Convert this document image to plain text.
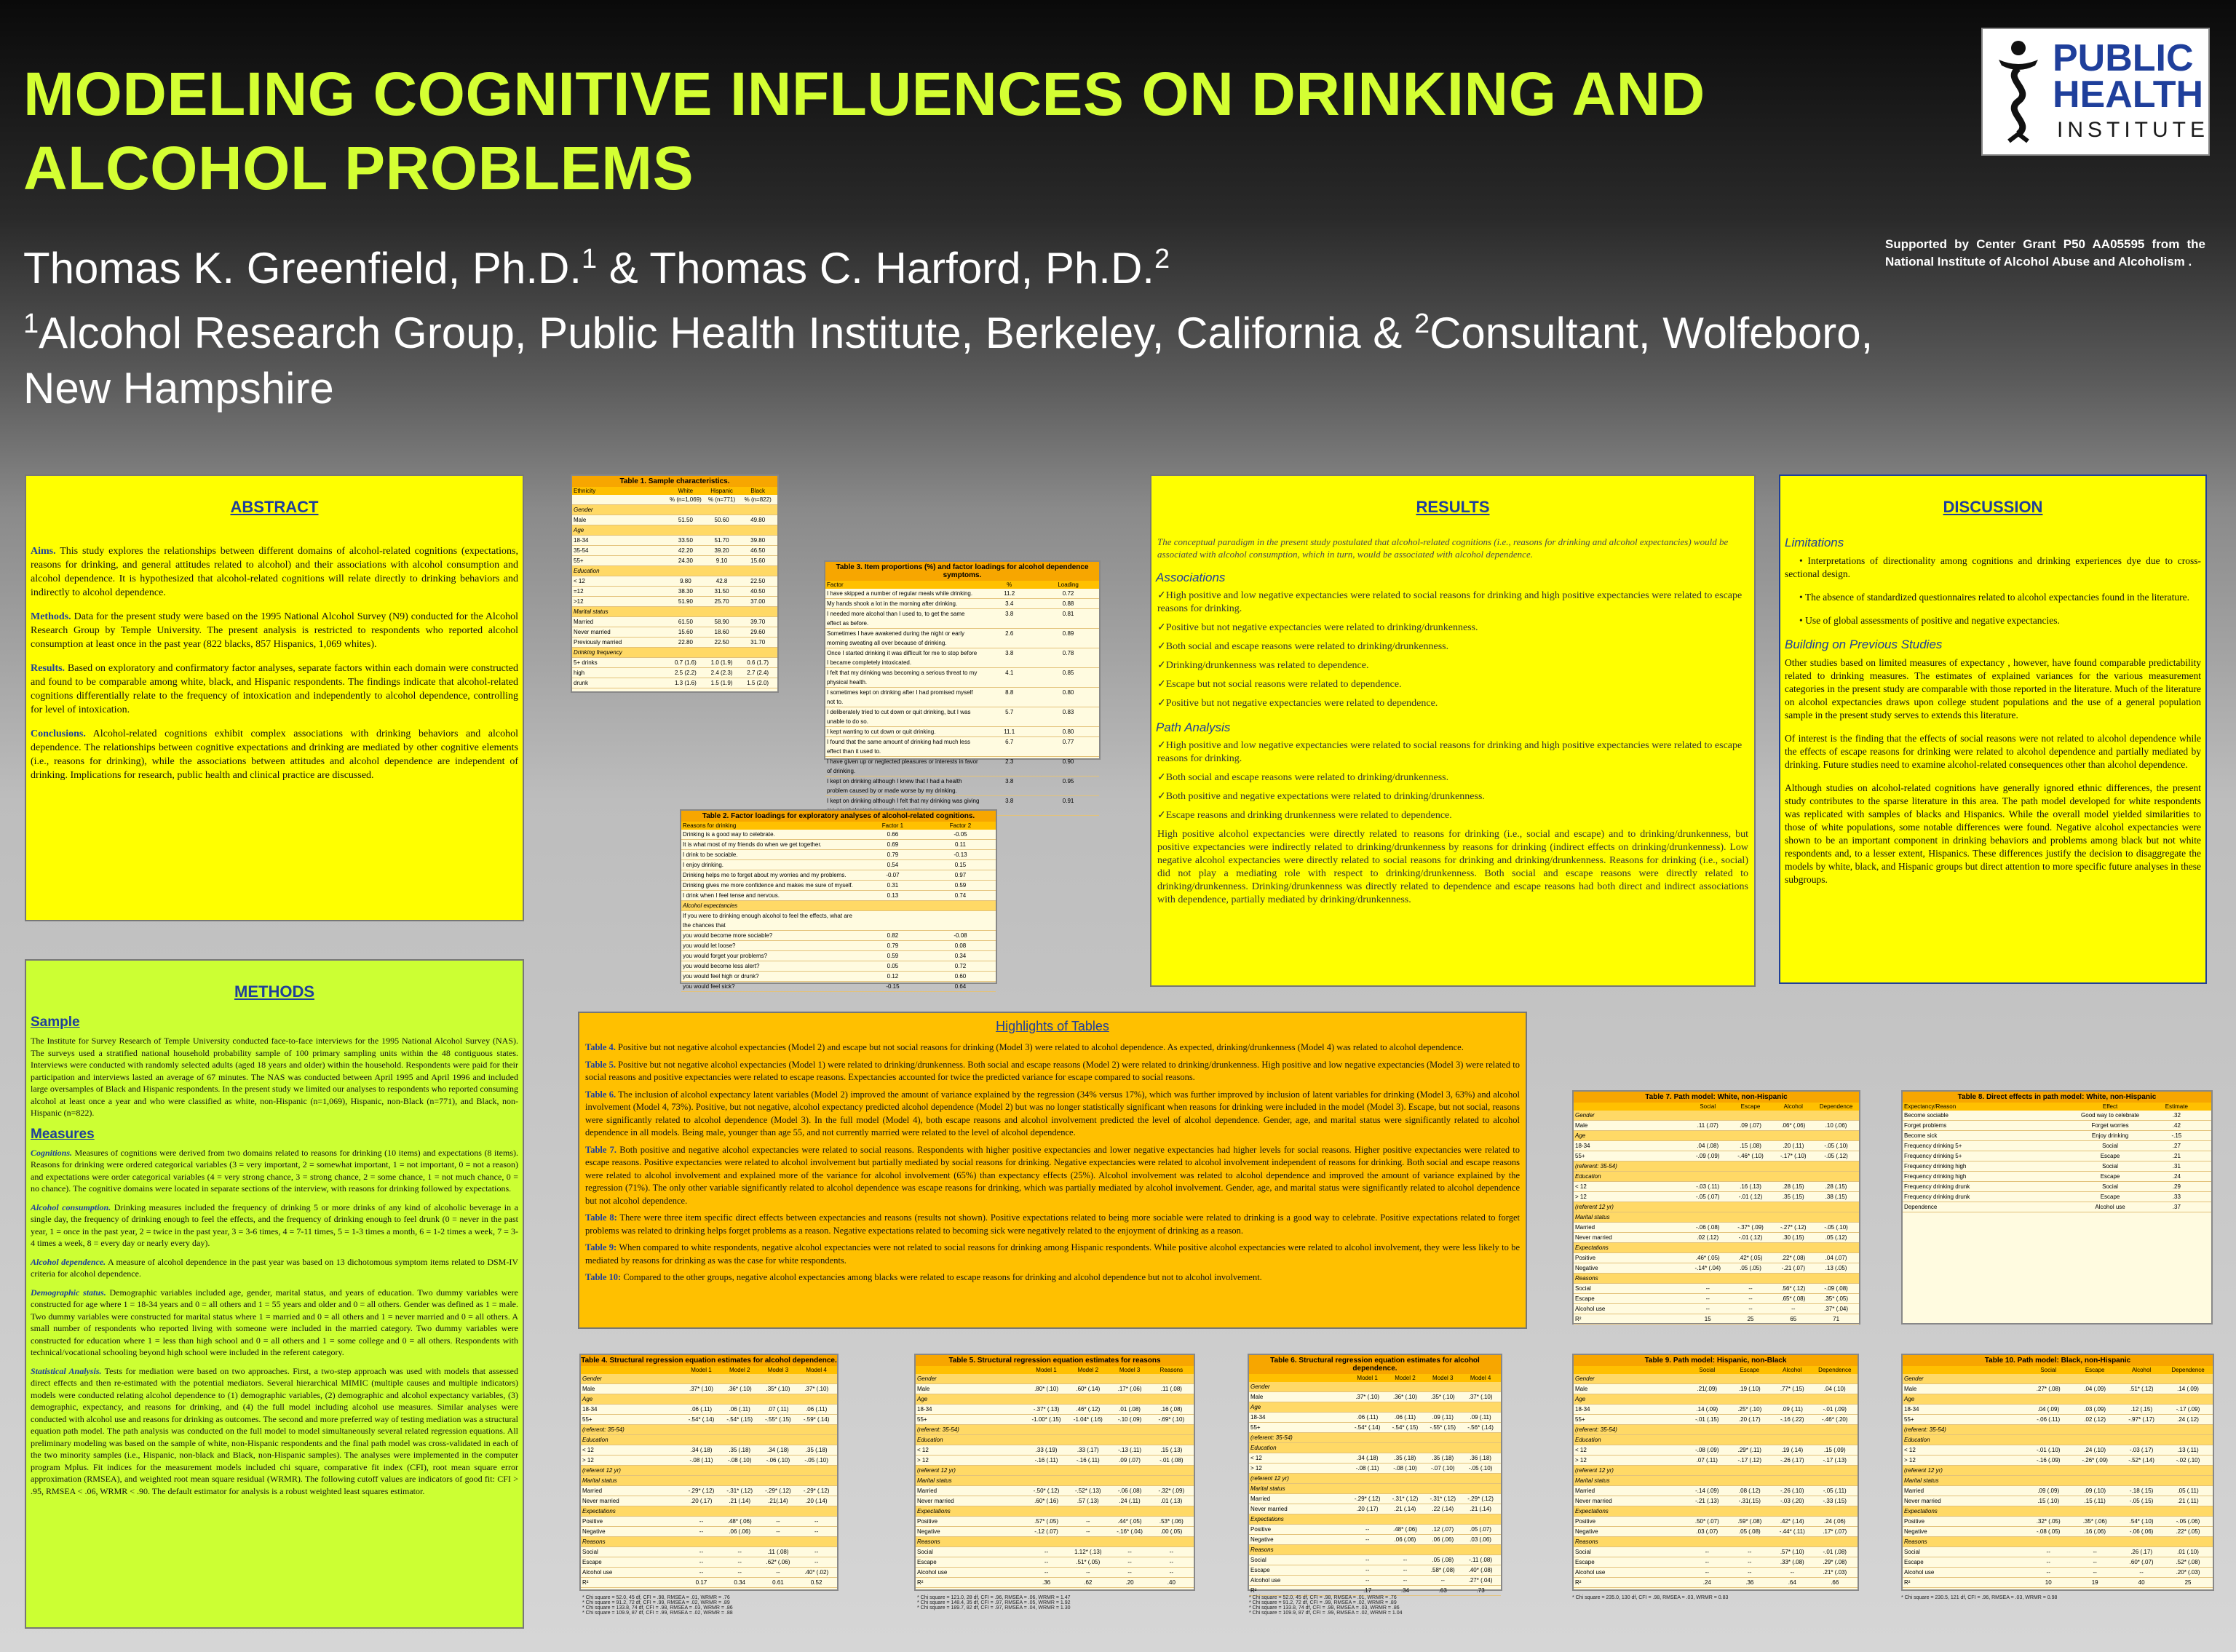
MODELING COGNITIVE INFLUENCES ON DRINKING AND ALCOHOL PROBLEMS
Thomas K. Greenfield, Ph.D.$^1$ & Thomas C. Harford, Ph.D.$^2$
$^1$Alcohol Research Group, Public Health Institute, Berkeley, California & $^2$Consultant, Wolfeboro, New Hampshire
PUBLIC
HEALTH
INSTITUTE
Supported by Center Grant P50 AA05595 from the National Institute of Alcohol Abuse and Alcoholism .
ABSTRACT
Aims. This study explores the relationships between different domains of alcohol-related cognitions (expectations, reasons for drinking, and general attitudes related to alcohol) and their associations with alcohol consumption and alcohol dependence. It is hypothesized that alcohol-related cognitions will relate directly to drinking behaviors and indirectly to alcohol dependence.
Methods. Data for the present study were based on the 1995 National Alcohol Survey (N9) conducted for the Alcohol Research Group by Temple University. The present analysis is restricted to respondents who reported alcohol consumption at least once in the past year (822 blacks, 857 Hispanics, 1,069 whites).
Results. Based on exploratory and confirmatory factor analyses, separate factors within each domain were constructed and found to be comparable among white, black, and Hispanic respondents. The findings indicate that alcohol-related cognitions differentially relate to the frequency of intoxication and independently to alcohol dependence, controlling for level of intoxication.
Conclusions. Alcohol-related cognitions exhibit complex associations with drinking behaviors and alcohol dependence. The relationships between cognitive expectations and drinking are mediated by other cognitive elements (i.e., reasons for drinking), while the associations between attitudes and alcohol dependence are independent of drinking. Implications for research, public health and clinical practice are discussed.
METHODS
Sample
The Institute for Survey Research of Temple University conducted face-to-face interviews for the 1995 National Alcohol Survey (NAS). The surveys used a stratified national household probability sample of 100 primary sampling units within the 48 contiguous states. Interviews were conducted with randomly selected adults (aged 18 years and older) within the household. Respondents were paid for their participation and interviews lasted an average of 67 minutes. The NAS was conducted between April 1995 and April 1996 and included large oversamples of Black and Hispanic respondents. In the present study we limited our analyses to respondents who reported consuming alcohol at least once a year and who were classified as white, non-Hispanic (n=1,069), Hispanic, non-Black (n=771), and Black, non-Hispanic (n=822).
Measures
Cognitions. Measures of cognitions were derived from two domains related to reasons for drinking (10 items) and expectations (8 items). Reasons for drinking were ordered categorical variables (3 = very important, 2 = somewhat important, 1 = not important, 0 = not a reason) and expectations were order categorical variables (4 = very strong chance, 3 = strong chance, 2 = some chance, 1 = not much chance, 0 = no chance). The cognitive domains were located in separate sections of the interview, with reasons for drinking followed by expectations.
Alcohol consumption. Drinking measures included the frequency of drinking 5 or more drinks of any kind of alcoholic beverage in a single day, the frequency of drinking enough to feel the effects, and the frequency of drinking enough to feel drunk (0 = never in the past year, 1 = once in the past year, 2 = twice in the past year, 3 = 3-6 times, 4 = 7-11 times, 5 = 1-3 times a month, 6 = 1-2 times a week, 7 = 3-4 times a week, 8 = every day or nearly every day).
Alcohol dependence. A measure of alcohol dependence in the past year was based on 13 dichotomous symptom items related to DSM-IV criteria for alcohol dependence.
Demographic status. Demographic variables included age, gender, marital status, and years of education. Two dummy variables were constructed for age where 1 = 18-34 years and 0 = all others and 1 = 55 years and older and 0 = all others. Gender was defined as 1 = male. Two dummy variables were constructed for marital status where 1 = married and 0 = all others and 1 = never married and 0 = all others. A small number of respondents who reported living with someone were included in the married category. Two dummy variables were constructed for education where 1 = less than high school and 0 = all others and 1 = some college and 0 = all others. Respondents with technical/vocational schooling beyond high school were included in the referent category.
Statistical Analysis. Tests for mediation were based on two approaches. First, a two-step approach was used with models that assessed direct effects and then re-estimated with the potential mediators. Several hierarchical MIMIC (multiple causes and multiple indicators) models were conducted relating alcohol dependence to (1) demographic variables, (2) demographic and alcohol expectancy variables, (3) demographic, expectancy, and reasons for drinking, and (4) the full model including alcohol use measures. Similar analyses were conducted with alcohol use and reasons for drinking as outcomes. The second and more preferred way of testing mediation was a structural equation path model. The path analysis was conducted on the full model to model simultaneously several related regression equations. All preliminary modeling was based on the sample of white, non-Hispanic respondents and the final path model was cross-validated in each of the two minority samples (i.e., Hispanic, non-black and Black, non-Hispanic samples). The analyses were implemented in the computer program Mplus. Fit indices for the measurement models included chi square, comparative fit index (CFI), root mean square error approximation (RMSEA), and weighted root mean square residual (WRMR). The following cutoff values are indicators of good fit: CFI > .95, RMSEA < .06, WRMR < .90. The default estimator for analysis is a robust weighted least squares estimator.
RESULTS
The conceptual paradigm in the present study postulated that alcohol-related cognitions (i.e., reasons for drinking and alcohol expectancies) would be associated with alcohol consumption, which in turn, would be associated with alcohol dependence.
Associations
✓High positive and low negative expectancies were related to social reasons for drinking and high positive expectancies were related to escape reasons for drinking.
✓Positive but not negative expectancies were related to drinking/drunkenness.
✓Both social and escape reasons were related to drinking/drunkenness.
✓Drinking/drunkenness was related to dependence.
✓Escape but not social reasons were related to dependence.
✓Positive but not negative expectancies were related to dependence.
Path Analysis
✓High positive and low negative expectancies were related to social reasons for drinking and high positive expectancies were related to escape reasons for drinking.
✓Both social and escape reasons were related to drinking/drunkenness.
✓Both positive and negative expectations were related to drinking/drunkenness.
✓Escape reasons and drinking drunkenness were related to dependence.
High positive alcohol expectancies were directly related to reasons for drinking (i.e., social and escape) and to drinking/drunkenness, but positive expectancies were indirectly related to drinking/drunkenness by reasons for drinking (indirect effects on drinking/drunkenness). Low negative alcohol expectancies were directly related to social reasons for drinking and drinking/drunkenness. Reasons for drinking (i.e., social) did not play a mediating role with respect to drinking/drunkenness. Both social and escape reasons were directly related to drinking/drunkenness. Drinking/drunkenness was directly related to dependence and escape reasons had both direct and indirect associations with dependence, partially mediated by drinking/drunkenness.
DISCUSSION
Limitations
• Interpretations of directionality among cognitions and drinking experiences dye due to cross-sectional design.
• The absence of standardized questionnaires related to alcohol expectancies found in the literature.
• Use of global assessments of positive and negative expectancies.
Building on Previous Studies
Other studies based on limited measures of expectancy , however, have found comparable predictability related to drinking measures. The estimates of explained variances for the various measurement categories in the present study are comparable with those reported in the literature. Much of the literature on alcohol expectancies draws upon college student populations and the use of a general population sample in the present study serves to extends this literature.
Of interest is the finding that the effects of social reasons were not related to alcohol dependence while the effects of escape reasons for drinking were related to alcohol dependence and partially mediated by drinking. Future studies need to examine alcohol-related consequences other than alcohol dependence.
Although studies on alcohol-related cognitions have generally ignored ethnic differences, the present study contributes to the sparse literature in this area. The path model developed for white respondents was replicated with samples of blacks and Hispanics. While the overall model yielded similarities to those of white populations, some notable differences were found. Negative alcohol expectancies were shown to be an important component in drinking behaviors and problems among black but not white respondents and, to a lesser extent, Hispanics. These differences justify the decision to disaggregate the models by white, black, and Hispanic groups but direct attention to more specific future analyses in these subgroups.
Highlights of Tables
Table 4. Positive but not negative alcohol expectancies (Model 2) and escape but not social reasons for drinking (Model 3) were related to alcohol dependence. As expected, drinking/drunkenness (Model 4) was related to alcohol dependence.
Table 5. Positive but not negative alcohol expectancies (Model 1) were related to drinking/drunkenness. Both social and escape reasons (Model 2) were related to drinking/drunkenness. High positive and low negative expectancies (Model 3) were related to social reasons and positive expectancies were related to escape reasons. Expectancies accounted for twice the predicted variance for escape compared to social reasons.
Table 6. The inclusion of alcohol expectancy latent variables (Model 2) improved the amount of variance explained by the regression (34% versus 17%), which was further improved by inclusion of latent variables for drinking (Model 3, 63%) and alcohol involvement (Model 4, 73%). Positive, but not negative, alcohol expectancy predicted alcohol dependence (Model 2) but was no longer statistically significant when reasons for drinking were included in the model (Model 3). Escape, but not social, reasons were significantly related to alcohol dependence (Model 3). In the full model (Model 4), both escape reasons and alcohol involvement predicted the level of alcohol dependence. Gender, age, and marital status were significantly related to alcohol dependence in all models. Being male, younger than age 55, and not currently married were related to the level of alcohol dependence.
Table 7. Both positive and negative alcohol expectancies were related to social reasons. Respondents with higher positive expectancies and lower negative expectancies had higher levels for social reasons. Higher positive expectancies were related to escape reasons. Positive expectancies were related to alcohol involvement but partially mediated by social reasons for drinking. Negative expectancies were related to alcohol involvement independent of reasons for drinking. Both social and escape reasons were related to alcohol involvement and explained more of the variance for alcohol involvement (65%) than expectancy effects (25%). Alcohol involvement was related to alcohol dependence and improved the amount of variance explained by the regression (71%). The only other variable significantly related to alcohol dependence was escape reasons for drinking, which was partially mediated by alcohol involvement. Gender, age, and marital status were significantly related to alcohol dependence but not alcohol dependence.
Table 8: There were three item specific direct effects between expectancies and reasons (results not shown). Positive expectations related to being more sociable were related to drinking is a good way to celebrate. Positive expectations related to forget problems was related to drinking helps forget problems as a reason. Negative expectations related to becoming sick were negatively related to the enjoyment of drinking as a reason.
Table 9: When compared to white respondents, negative alcohol expectancies were not related to social reasons for drinking among Hispanic respondents. While positive alcohol expectancies were related to alcohol involvement, they were less likely to be mediated by reasons for drinking as was the case for white respondents.
Table 10: Compared to the other groups, negative alcohol expectancies among blacks were related to escape reasons for drinking and alcohol dependence but not to alcohol involvement.
Table 1. Sample characteristics.
Ethnicity	White	Hispanic	Black
% (n=1,069)	% (n=771)	% (n=822)
Gender
Male	51.50	50.60	49.80
Age
18-34	33.50	51.70	39.80
35-54	42.20	39.20	46.50
55+	24.30	9.10	15.60
Education
< 12	9.80	42.8	22.50
=12	38.30	31.50	40.50
>12	51.90	25.70	37.00
Marital status
Married	61.50	58.90	39.70
Never married	15.60	18.60	29.60
Previously married	22.80	22.50	31.70
Drinking frequency
5+ drinks	0.7 (1.6)	1.0 (1.9)	0.6 (1.7)
high	2.5 (2.2)	2.4 (2.3)	2.7 (2.4)
drunk	1.3 (1.6)	1.5 (1.9)	1.5 (2.0)
Table 3. Item proportions (%) and factor loadings for alcohol dependence symptoms.
Factor	%	Loading
I have skipped a number of regular meals while drinking.	11.2	0.72
My hands shook a lot in the morning after drinking.	3.4	0.88
I needed more alcohol than I used to, to get the same effect as before.
3.8	0.81
Sometimes I have awakened during the night or early morning sweating all over because of drinking.
2.6	0.89
Once I started drinking it was difficult for me to stop before I became completely intoxicated.
3.8	0.78
I felt that my drinking was becoming a serious threat to my physical health.
4.1	0.85
I sometimes kept on drinking after I had promised myself not to.
8.8	0.80
I deliberately tried to cut down or quit drinking, but I was unable to do so.
5.7	0.83
I kept wanting to cut down or quit drinking.	11.1	0.80
I found that the same amount of drinking had much less effect than it used to.
6.7	0.77
I have given up or neglected pleasures or interests in favor of drinking.
2.3	0.90
I kept on drinking although I knew that I had a health problem caused by or made worse by my drinking.
3.8	0.95
I kept on drinking although I felt that my drinking was giving	3.8	0.91
Table 2. Factor loadings for exploratory analyses of alcohol-related cognitions.
Reasons for drinking	Factor 1	Factor 2
Drinking is a good way to celebrate.	0.66	-0.05
It is what most of my friends do when we get together.	0.69	0.11
I drink to be sociable.	0.79	-0.13
I enjoy drinking.	0.54	0.15
Drinking helps me to forget about my worries and my problems.	-0.07	0.97
Drinking gives me more confidence and makes me sure of myself.	0.31	0.59
I drink when I feel tense and nervous.	0.13	0.74
Alcohol expectancies
If you were to drinking enough alcohol to feel the effects, what are the chances that
you would become more sociable?	0.82	-0.08
you would let loose?	0.79	0.08
you would forget your problems?	0.59	0.34
you would become less alert?	0.05	0.72
you would feel high or drunk?	0.12	0.60
you would feel sick?	-0.15	0.64
Table 7. Path model: White, non-Hispanic
Social	Escape	Alcohol	Dependence
Gender
Male	.11 (.07)	.09 (.07)	.06* (.06)	.10 (.06)
Age
18-34	.04 (.08)	.15 (.08)	.20 (.11)	-.05 (.10)
55+	-.09 (.09)	-.46* (.10)	-.17* (.10)	-.05 (.12)
(referent: 35-54)
Education
< 12	-.03 (.11)	.16 (.13)	.28 (.15)	.28 (.15)
> 12	-.05 (.07)	-.01 (.12)	.35 (.15)	.38 (.15)
(referent 12 yr)
Marital status
Married	-.06 (.08)	-.37* (.09)	-.27* (.12)	-.05 (.10)
Never married	.02 (.12)	-.01 (.12)	.30 (.15)	.05 (.12)
Expectations
Positive	.46* (.05)	.42* (.05)	.22* (.08)	.04 (.07)
Negative	-.14* (.04)	.05 (.05)	-.21 (.07)	.13 (.05)
Reasons
Social	--	--	.56* (.12)	-.09 (.08)
Escape	--	--	.65* (.08)	.35* (.05)
Alcohol use	--	--	--	.37* (.04)
R²	15	25	65	71
Table 8. Direct effects in path model: White, non-Hispanic
Expectancy/Reason	Effect	Estimate
Become sociable	Good way to celebrate	.32
Forget problems	Forget worries	.42
Become sick	Enjoy drinking	-.15
Frequency drinking 5+	Social	.27
Frequency drinking 5+	Escape	.21
Frequency drinking high	Social	.31
Frequency drinking high	Escape	.24
Frequency drinking drunk	Social	.29
Frequency drinking drunk	Escape	.33
Dependence	Alcohol use	.37
Table 4. Structural regression equation estimates for alcohol dependence.
Model 1	Model 2	Model 3	Model 4
Gender
Male	.37* (.10)	.36* (.10)	.35* (.10)	.37* (.10)
Age
18-34	.06 (.11)	.06 (.11)	.07 (.11)	.06 (.11)
55+	-.54* (.14)	-.54* (.15)	-.55* (.15)	-.59* (.14)
(referent: 35-54)
Education
< 12	.34 (.18)	.35 (.18)	.34 (.18)	.35 (.18)
> 12	-.08 (.11)	-.08 (.10)	-.06 (.10)	-.05 (.10)
(referent 12 yr)
Marital status
Married	-.29* (.12)	-.31* (.12)	-.29* (.12)	-.29* (.12)
Never married	.20 (.17)	.21 (.14)	.21(.14)	.20 (.14)
Expectations
Positive	--	.48* (.06)	--	--
Negative	--	.06 (.06)	--	--
Reasons
Social	--	--	.11 (.08)	--
Escape	--	--	.62* (.06)	--
Alcohol use	--	--	--	.40* (.02)
R²	0.17	0.34	0.61	0.52
Table 5. Structural regression equation estimates for reasons
Model 1	Model 2	Model 3	Reasons
Gender
Male	.80* (.10)	.60* (.14)	.17* (.06)	.11 (.08)
Age
18-34	-.37* (.13)	.46* (.12)	.01 (.08)	.16 (.08)
55+	-1.00* (.15)	-1.04* (.16)	-.10 (.09)	-.69* (.10)
(referent: 35-54)
Education
< 12	.33 (.19)	.33 (.17)	-.13 (.11)	.15 (.13)
> 12	-.16 (.11)	-.16 (.11)	.09 (.07)	-.01 (.08)
(referent 12 yr)
Marital status
Married	-.50* (.12)	-.52* (.13)	-.06 (.08)	-.32* (.09)
Never married	.60* (.16)	.57 (.13)	.24 (.11)	.01 (.13)
Expectations
Positive	.57* (.05)	--	.44* (.05)	.53* (.06)
Negative	-.12 (.07)	--	-.16* (.04)	.00 (.05)
Reasons
Social	--	1.12* (.13)	--	--
Escape	--	.51* (.05)	--	--
Alcohol use	--	--	--	--
R²	.36	.62	.20	.40
Table 6. Structural regression equation estimates for alcohol dependence.
Model 1	Model 2	Model 3	Model 4
Gender
Male	.37* (.10)	.36* (.10)	.35* (.10)	.37* (.10)
Age
18-34	.06 (.11)	.06 (.11)	.09 (.11)	.09 (.11)
55+	-.54* (.14)	-.54* (.15)	-.55* (.15)	-.56* (.14)
(referent: 35-54)
Education
< 12	.34 (.18)	.35 (.18)	.35 (.18)	.36 (.18)
> 12	-.08 (.11)	-.08 (.10)	-.07 (.10)	-.05 (.10)
(referent 12 yr)
Marital status
Married	-.29* (.12)	-.31* (.12)	-.31* (.12)	-.29* (.12)
Never married	.20 (.17)	.21 (.14)	.22 (.14)	.21 (.14)
Expectations
Positive	--	.48* (.06)	.12 (.07)	.05 (.07)
Negative	--	.06 (.06)	.06 (.06)	.03 (.06)
Reasons
Social	--	--	.05 (.08)	-.11 (.08)
Escape	--	--	.58* (.08)	.40* (.08)
Alcohol use	--	--	--	.27* (.04)
R²	.17	.34	.63	.73
Table 9. Path model: Hispanic, non-Black
Social	Escape	Alcohol	Dependence
Gender
Male	.21(.09)	.19 (.10)	.77* (.15)	.04 (.10)
Age
18-34	.14 (.09)	.25* (.10)	.09 (.11)	-.01 (.09)
55+	-.01 (.15)	.20 (.17)	-.16 (.22)	-.46* (.20)
(referent: 35-54)
Education
< 12	-.08 (.09)	.29* (.11)	.19 (.14)	.15 (.09)
> 12	.07 (.11)	-.17 (.12)	-.26 (.17)	-.17 (.13)
(referent 12 yr)
Marital status
Married	-.14 (.09)	.08 (.12)	-.26 (.10)	-.05 (.11)
Never married	-.21 (.13)	-.31(.15)	-.03 (.20)	-.33 (.15)
Expectations
Positive	.50* (.07)	.59* (.08)	.42* (.14)	.24 (.06)
Negative	.03 (.07)	.05 (.08)	-.44* (.11)	.17* (.07)
Reasons
Social	--	--	.57* (.10)	-.01 (.08)
Escape	--	--	.33* (.08)	.29* (.08)
Alcohol use	--	--	--	.21* (.03)
R²	.24	.36	.64	.66
Table 10. Path model: Black, non-Hispanic
Social	Escape	Alcohol	Dependence
Gender
Male	.27* (.08)	.04 (.09)	.51* (.12)	.14 (.09)
Age
18-34	.04 (.09)	.03 (.09)	.12 (.15)	-.17 (.09)
55+	-.06 (.11)	.02 (.12)	-.97* (.17)	.24 (.12)
(referent: 35-54)
Education
< 12	-.01 (.10)	.24 (.10)	-.03 (.17)	.13 (.11)
> 12	-.16 (.09)	-.26* (.09)	-.52* (.14)	-.02 (.10)
(referent 12 yr)
Marital status
Married	.09 (.09)	.09 (.10)	-.18 (.15)	.05 (.11)
Never married	.15 (.10)	.15 (.11)	-.05 (.15)	.21 (.11)
Expectations
Positive	.32* (.05)	.35* (.06)	.54* (.10)	-.05 (.06)
Negative	-.08 (.05)	.16 (.06)	-.06 (.06)	.22* (.05)
Reasons
Social	--	--	.26 (.17)	.01 (.10)
Escape	--	--	.60* (.07)	.52* (.08)
Alcohol use	--	--	--	.20* (.03)
R²	10	19	40	25
* Chi square = 52.0, 45 df, CFI = .98, RMSEA = .01, WRMR = .76
* Chi square = 91.2, 72 df, CFI = .99, RMSEA = .02, WRMR = .89
* Chi square = 133.8, 74 df, CFI = .98, RMSEA = .03, WRMR = .86
* Chi square = 109.9, 87 df, CFI = .99, RMSEA = .02, WRMR = .88
* Chi square = 121.0, 28 df, CFI = .96, RMSEA = .06, WRMR = 1.47
* Chi square = 148.4, 35 df, CFI = .97, RMSEA = .05, WRMR = 1.92
* Chi square = 189.7, 82 df, CFI = .97, RMSEA = .04, WRMR = 1.30
* Chi square = 52.0, 45 df, CFI = .98, RMSEA = .01, WRMR = .76
* Chi square = 91.2, 72 df, CFI = .99, RMSEA = .02, WRMR = .89
* Chi square = 133.8, 74 df, CFI = .98, RMSEA = .03, WRMR = .86
* Chi square = 109.9, 87 df, CFI = .99, RMSEA = .02, WRMR = 1.04
* Chi square = 235.0, 130 df, CFI = .98, RMSEA = .03, WRMR = 0.83	* Chi square = 230.5, 121 df, CFI = .96, RMSEA = .03, WRMR = 0.98
